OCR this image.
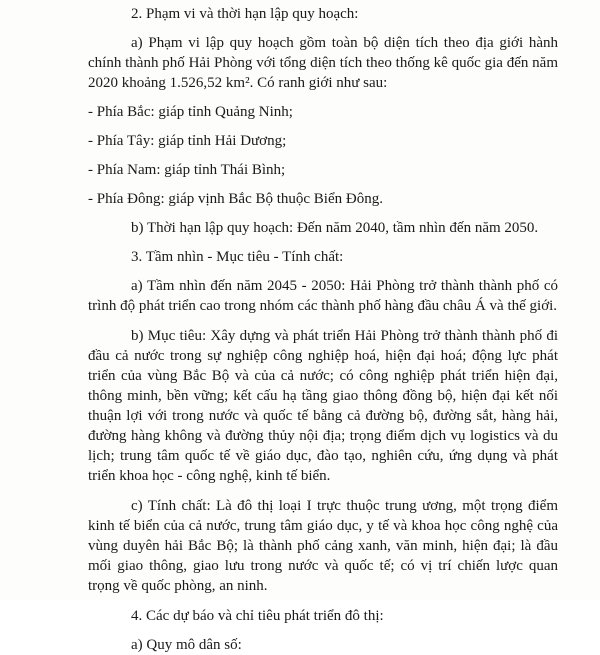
2. Phạm vi và thời hạn lập quy hoạch:

a) Phạm vi lập quy hoạch gồm toàn bộ diện tích theo địa giới hành chính thành phố Hải Phòng với tổng diện tích theo thống kê quốc gia đến năm 2020 khoảng 1.526,52 km². Có ranh giới như sau:

- Phía Bắc: giáp tỉnh Quảng Ninh;

- Phía Tây: giáp tỉnh Hải Dương;

- Phía Nam: giáp tỉnh Thái Bình;

- Phía Đông: giáp vịnh Bắc Bộ thuộc Biển Đông.

b) Thời hạn lập quy hoạch: Đến năm 2040, tầm nhìn đến năm 2050.

3. Tầm nhìn - Mục tiêu - Tính chất:

a) Tầm nhìn đến năm 2045 - 2050: Hải Phòng trở thành thành phố có trình độ phát triển cao trong nhóm các thành phố hàng đầu châu Á và thế giới.

b) Mục tiêu: Xây dựng và phát triển Hải Phòng trở thành thành phố đi đầu cả nước trong sự nghiệp công nghiệp hoá, hiện đại hoá; động lực phát triển của vùng Bắc Bộ và của cả nước; có công nghiệp phát triển hiện đại, thông minh, bền vững; kết cấu hạ tầng giao thông đồng bộ, hiện đại kết nối thuận lợi với trong nước và quốc tế bằng cả đường bộ, đường sắt, hàng hải, đường hàng không và đường thủy nội địa; trọng điểm dịch vụ logistics và du lịch; trung tâm quốc tế về giáo dục, đào tạo, nghiên cứu, ứng dụng và phát triển khoa học - công nghệ, kinh tế biển.

c) Tính chất: Là đô thị loại I trực thuộc trung ương, một trọng điểm kinh tế biển của cả nước, trung tâm giáo dục, y tế và khoa học công nghệ của vùng duyên hải Bắc Bộ; là thành phố cảng xanh, văn minh, hiện đại; là đầu mối giao thông, giao lưu trong nước và quốc tế; có vị trí chiến lược quan trọng về quốc phòng, an ninh.

4. Các dự báo và chỉ tiêu phát triển đô thị:

a) Quy mô dân số:
